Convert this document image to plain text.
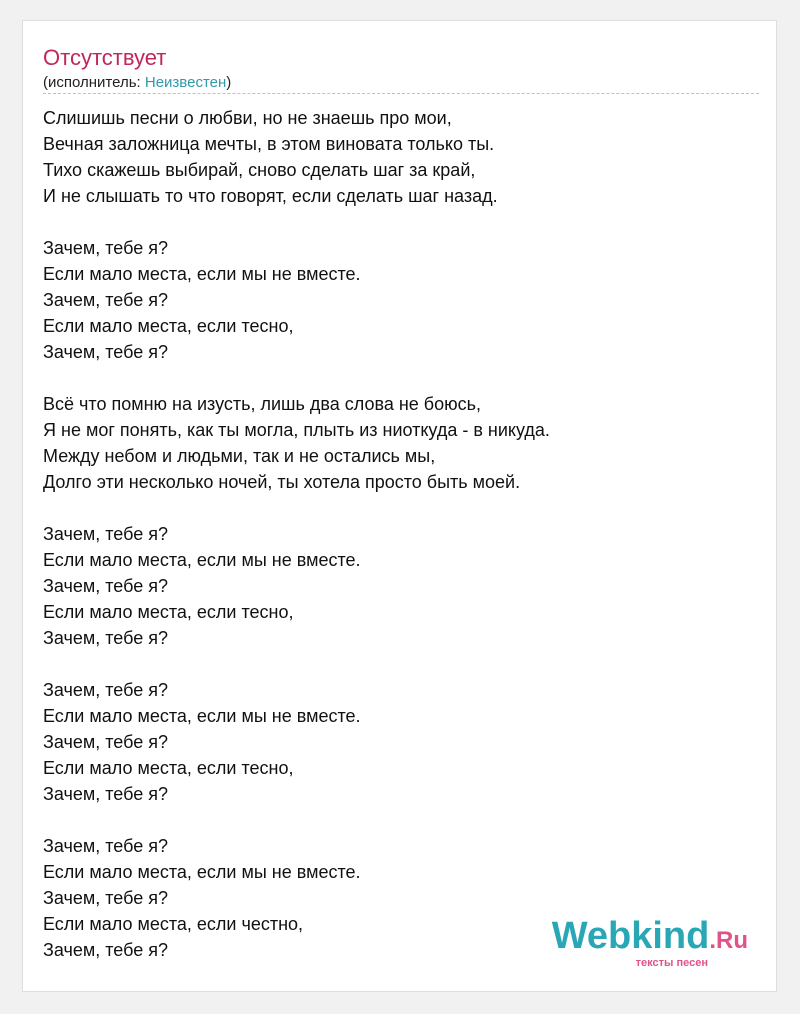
Отсутствует
(исполнитель: Неизвестен)
Слишишь песни о любви, но не знаешь про мои,
Вечная заложница мечты, в этом виновата только ты.
Тихо скажешь выбирай, сново сделать шаг за край,
И не слышать то что говорят, если сделать шаг назад.
Зачем, тебе я?
Если мало места, если мы не вместе.
Зачем, тебе я?
Если мало места, если тесно,
Зачем, тебе я?
Всё что помню на изусть, лишь два слова не боюсь,
Я не мог понять, как ты могла, плыть из ниоткуда - в никуда.
Между небом и людьми, так и не остались мы,
Долго эти несколько ночей, ты хотела просто быть моей.
Зачем, тебе я?
Если мало места, если мы не вместе.
Зачем, тебе я?
Если мало места, если тесно,
Зачем, тебе я?
Зачем, тебе я?
Если мало места, если мы не вместе.
Зачем, тебе я?
Если мало места, если тесно,
Зачем, тебе я?
Зачем, тебе я?
Если мало места, если мы не вместе.
Зачем, тебе я?
Если мало места, если честно,
Зачем, тебе я?	Webkind.Ru
тексты песен
